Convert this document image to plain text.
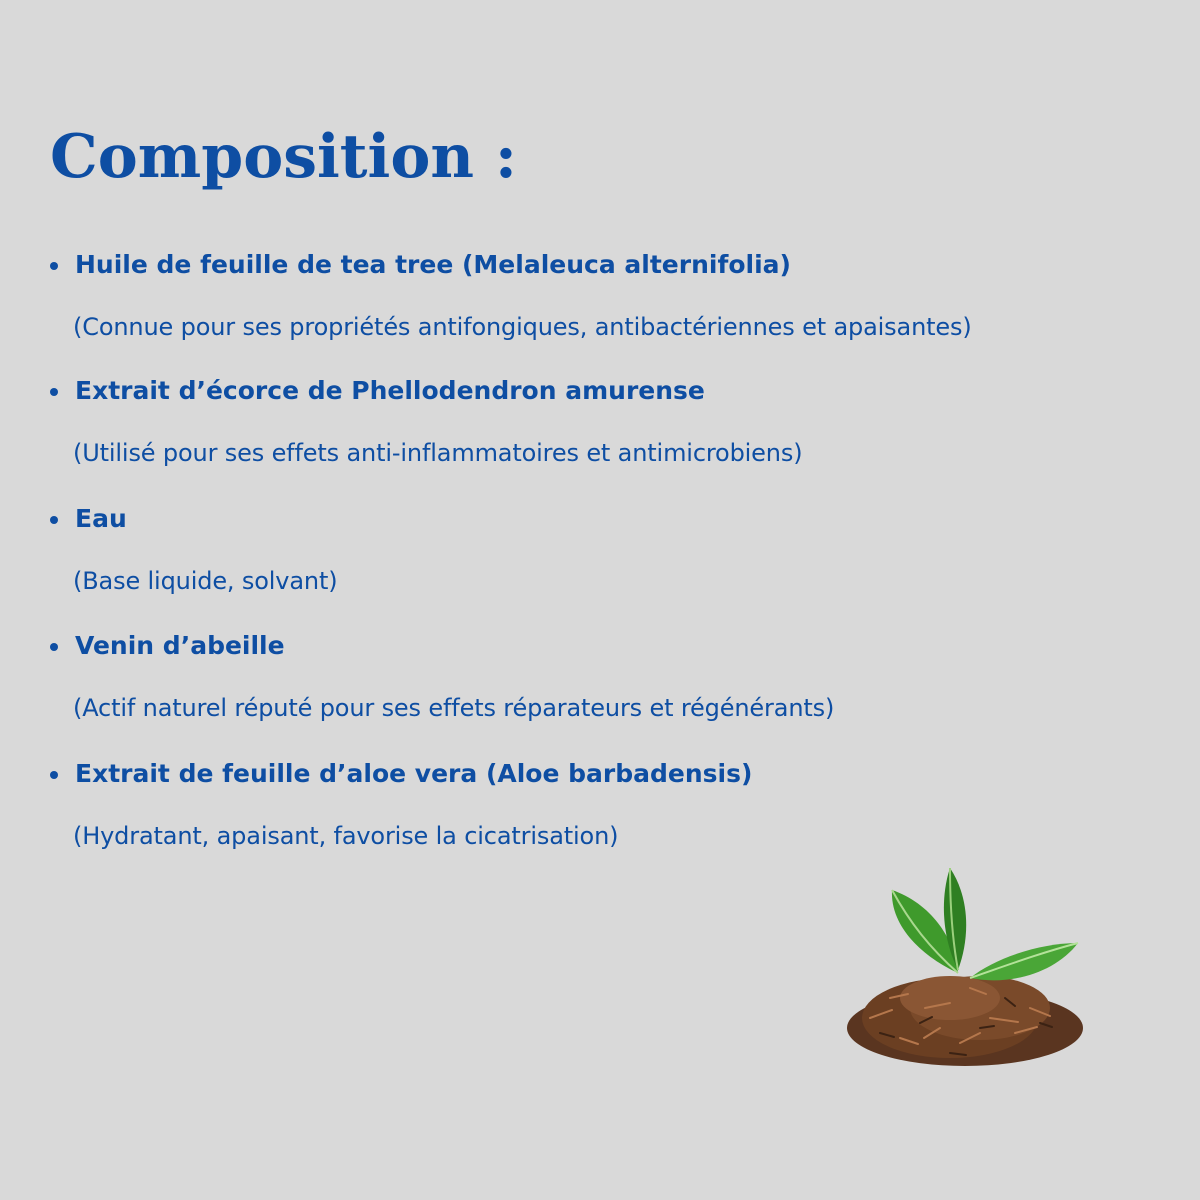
Composition :
Huile de feuille de tea tree (Melaleuca alternifolia)
(Connue pour ses propriétés antifongiques, antibactériennes et apaisantes)
Extrait d’écorce de Phellodendron amurense
(Utilisé pour ses effets anti-inflammatoires et antimicrobiens)
Eau
(Base liquide, solvant)
Venin d’abeille
(Actif naturel réputé pour ses effets réparateurs et régénérants)
Extrait de feuille d’aloe vera (Aloe barbadensis)
(Hydratant, apaisant, favorise la cicatrisation)
